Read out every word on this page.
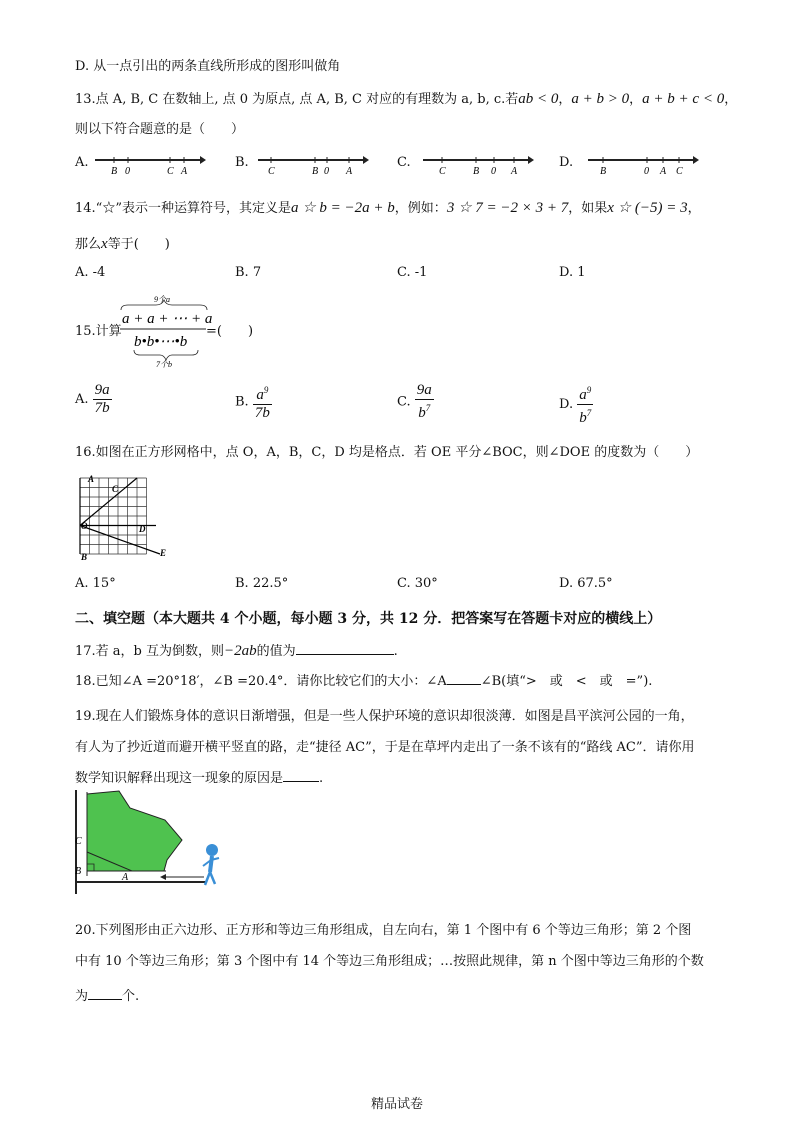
D. 从一点引出的两条直线所形成的图形叫做角
13.点 A, B, C 在数轴上, 点 0 为原点, 点 A, B, C 对应的有理数为 a, b, c.若ab < 0，a + b > 0，a + b + c < 0，
则以下符合题意的是（　　）
A.
B 0	C A
B.
C	B 0 A
C.
C	B 0 A
D.
B	0 A C
14.“☆”表示一种运算符号，其定义是a ☆ b = −2a + b，例如：3 ☆ 7 = −2 × 3 + 7，如果x ☆ (−5) = 3，
那么x等于(　　)
A. -4	B. 7	C. -1	D. 1
15.计算
9个a
a + a + ⋯ + a
b•b•⋯•b
7个b
=(　　)
A. $\frac{9a}{7b}$	B. $\frac{a^9}{7b}$	C. $\frac{9a}{b^7}$	D. $\frac{a^9}{b^7}$
16.如图在正方形网格中，点 O，A，B，C，D 均是格点．若 OE 平分∠BOC，则∠DOE 的度数为（　　）
A
C
O	D
B	E
A. 15°	B. 22.5°	C. 30°	D. 67.5°
二、填空题（本大题共 4 个小题，每小题 3 分，共 12 分．把答案写在答题卡对应的横线上）
17.若 a，b 互为倒数，则−2ab的值为	.
18.已知∠A =20°18′，∠B =20.4°．请你比较它们的大小：∠A	∠B(填“>　或　<　或　=”).
19.现在人们锻炼身体的意识日渐增强，但是一些人保护环境的意识却很淡薄．如图是昌平滨河公园的一角，
有人为了抄近道而避开横平竖直的路，走“捷径 AC”，于是在草坪内走出了一条不该有的“路线 AC”．请你用
数学知识解释出现这一现象的原因是	.
C
B
A
20.下列图形由正六边形、正方形和等边三角形组成，自左向右，第 1 个图中有 6 个等边三角形；第 2 个图
中有 10 个等边三角形；第 3 个图中有 14 个等边三角形组成；…按照此规律，第 n 个图中等边三角形的个数
为	个.
精品试卷
